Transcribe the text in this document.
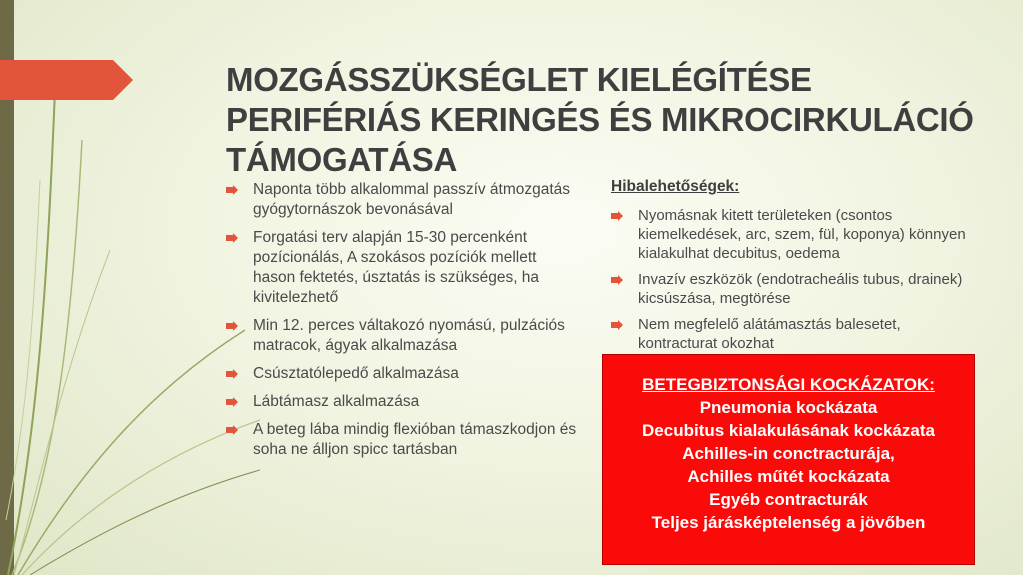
MOZGÁSSZÜKSÉGLET KIELÉGÍTÉSE
PERIFÉRIÁS KERINGÉS ÉS MIKROCIRKULÁCIÓ
TÁMOGATÁSA
Naponta több alkalommal passzív átmozgatás gyógytornászok bevonásával
Forgatási terv alapján 15-30 percenként pozícionálás, A szokásos pozíciók mellett hason fektetés, úsztatás is szükséges, ha kivitelezhető
Min 12. perces váltakozó nyomású, pulzációs matracok, ágyak alkalmazása
Csúsztatólepedő alkalmazása
Lábtámasz alkalmazása
A beteg lába mindig flexióban támaszkodjon és soha ne álljon spicc tartásban

Hibalehetőségek:

Nyomásnak kitett területeken (csontos kiemelkedések, arc, szem, fül, koponya) könnyen kialakulhat decubitus, oedema
Invazív eszközök (endotracheális tubus, drainek) kicsúszása, megtörése
Nem megfelelő alátámasztás balesetet, kontracturat okozhat
BETEGBIZTONSÁGI KOCKÁZATOK:
Pneumonia kockázata
Decubitus kialakulásának kockázata
Achilles-in conctracturája,
Achilles műtét kockázata
Egyéb contracturák
Teljes járásképtelenség a jövőben
